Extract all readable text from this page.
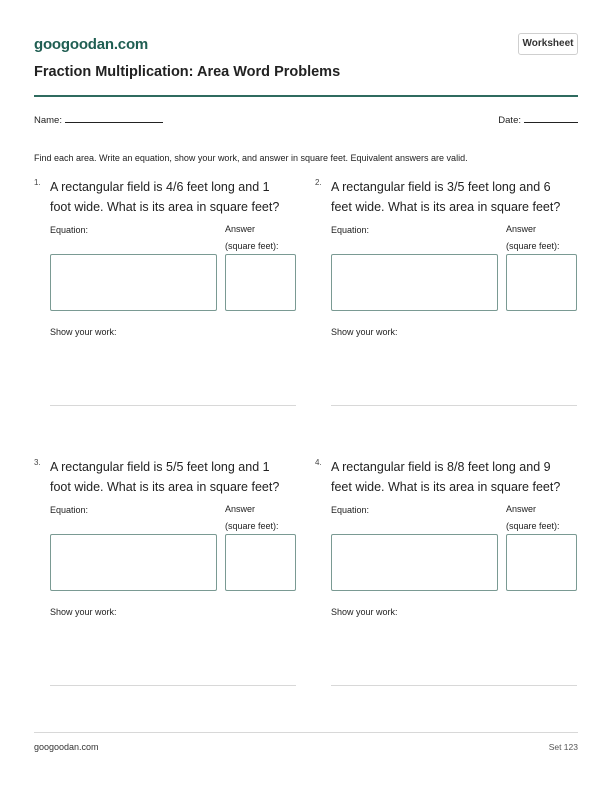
googoodan.com	Worksheet
Fraction Multiplication: Area Word Problems
Name:	Date:
Find each area. Write an equation, show your work, and answer in square feet. Equivalent answers are valid.
1. A rectangular field is 4/6 feet long and 1 foot wide. What is its area in square feet?
Equation:	Answer (square feet):
Show your work:
2. A rectangular field is 3/5 feet long and 6 feet wide. What is its area in square feet?
Equation:	Answer (square feet):
Show your work:
3. A rectangular field is 5/5 feet long and 1 foot wide. What is its area in square feet?
Equation:	Answer (square feet):
Show your work:
4. A rectangular field is 8/8 feet long and 9 feet wide. What is its area in square feet?
Equation:	Answer (square feet):
Show your work:
googoodan.com	Set 123
